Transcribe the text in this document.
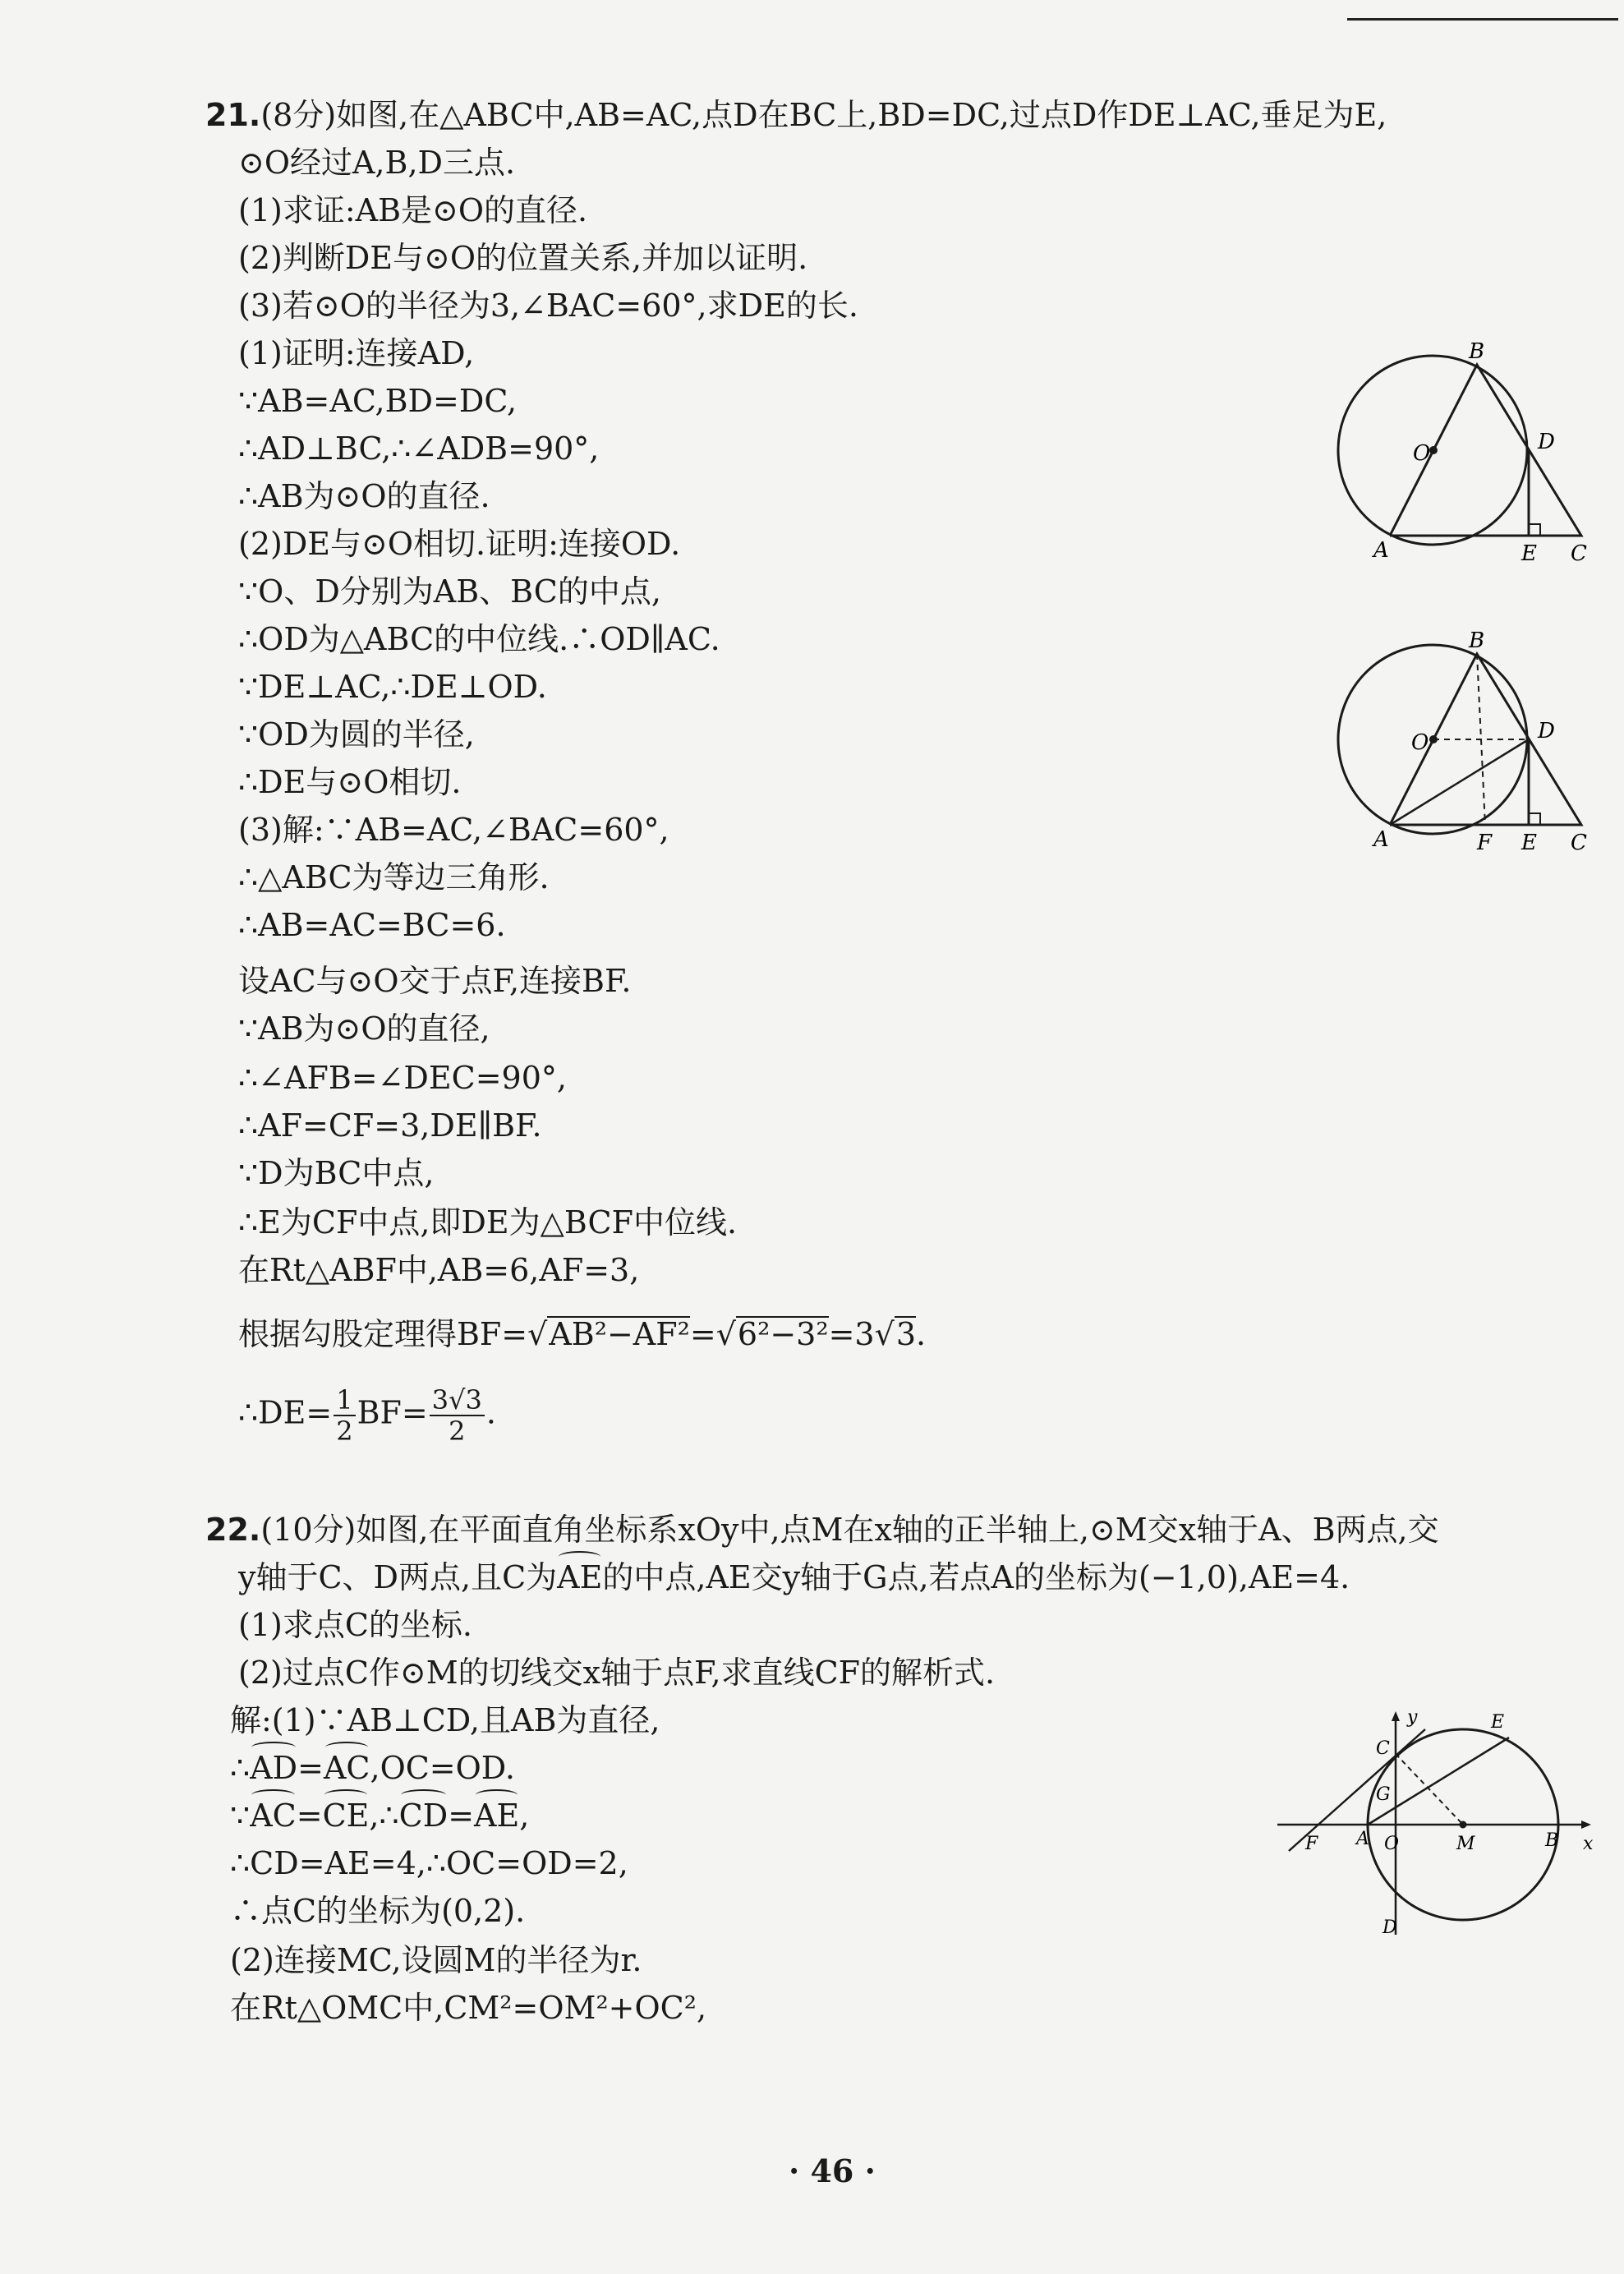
21.(8分)如图,在△ABC中,AB=AC,点D在BC上,BD=DC,过点D作DE⊥AC,垂足为E,
⊙O经过A,B,D三点.
(1)求证:AB是⊙O的直径.
(2)判断DE与⊙O的位置关系,并加以证明.
(3)若⊙O的半径为3,∠BAC=60°,求DE的长.
(1)证明:连接AD,
∵AB=AC,BD=DC,
∴AD⊥BC,∴∠ADB=90°,
∴AB为⊙O的直径.
(2)DE与⊙O相切.证明:连接OD.
∵O、D分别为AB、BC的中点,
∴OD为△ABC的中位线.∴OD∥AC.
∵DE⊥AC,∴DE⊥OD.
∵OD为圆的半径,
∴DE与⊙O相切.
(3)解:∵AB=AC,∠BAC=60°,
∴△ABC为等边三角形.
∴AB=AC=BC=6.
设AC与⊙O交于点F,连接BF.
∵AB为⊙O的直径,
∴∠AFB=∠DEC=90°,
∴AF=CF=3,DE∥BF.
∵D为BC中点,
∴E为CF中点,即DE为△BCF中位线.
在Rt△ABF中,AB=6,AF=3,
根据勾股定理得BF=√AB²−AF²=√6²−3²=3√3.
∴DE= $\frac{1}{2} BF= \frac{3√3}{2}$ .
B
O	D
A	E C
B
O	D
A	F E C
22.(10分)如图,在平面直角坐标系xOy中,点M在x轴的正半轴上,⊙M交x轴于A、B两点,交
y轴于C、D两点,且C为AE的中点,AE交y轴于G点,若点A的坐标为(−1,0),AE=4.
(1)求点C的坐标.
(2)过点C作⊙M的切线交x轴于点F,求直线CF的解析式.
解:(1)∵AB⊥CD,且AB为直径,
∴AD=AC,OC=OD.
∵AC=CE,∴CD=AE,
∴CD=AE=4,∴OC=OD=2,
∴点C的坐标为(0,2).
(2)连接MC,设圆M的半径为r.
在Rt△OMC中,CM²=OM²+OC²,
y
x
C
E
G
F A O	M	B
D
· 46 ·
